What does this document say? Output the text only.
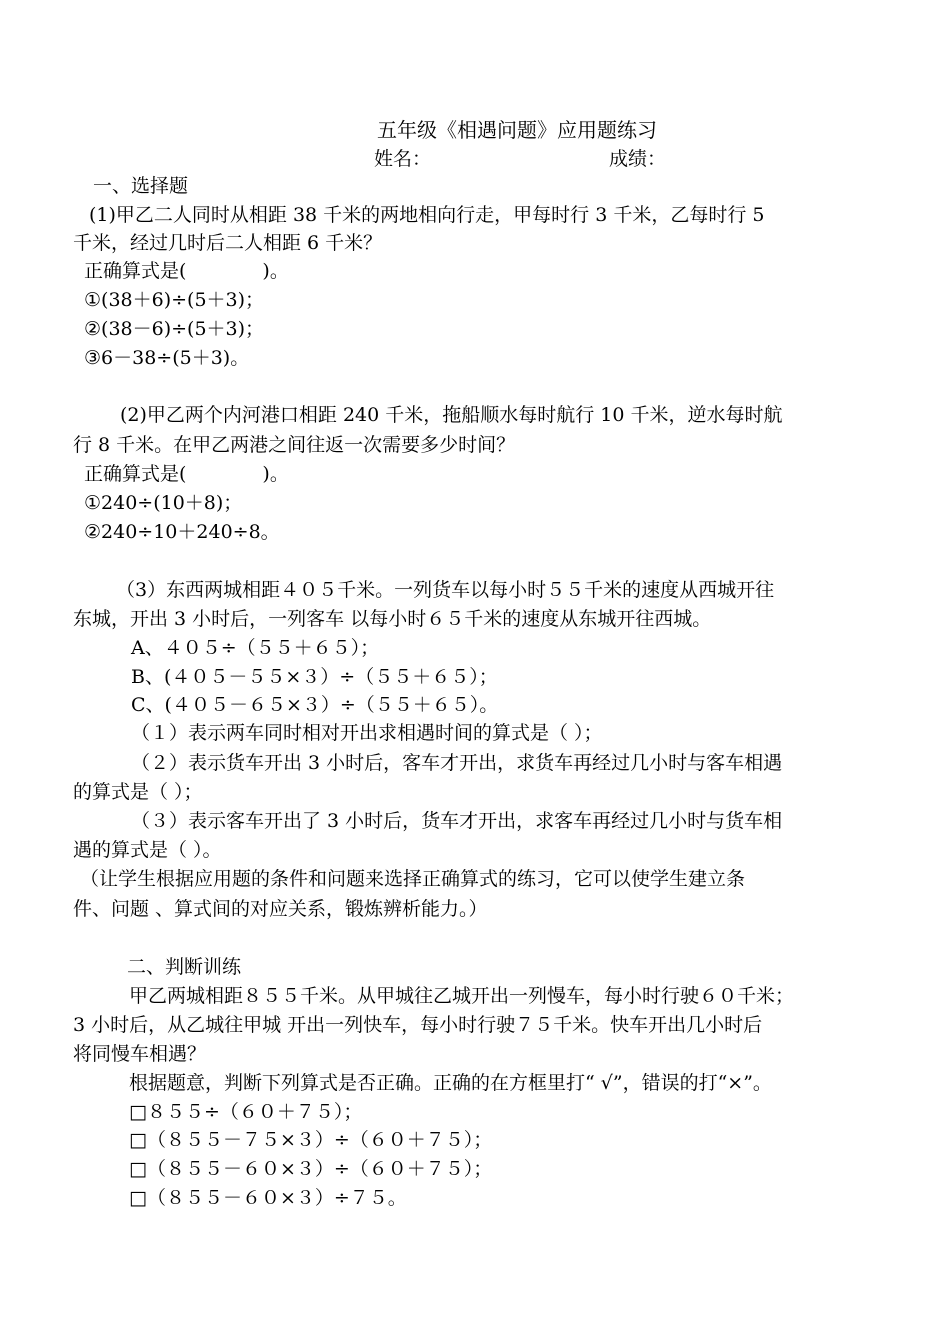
五年级《相遇问题》应用题练习
姓名：	成绩：
一、选择题
(1)甲乙二人同时从相距 38 千米的两地相向行走，甲每时行 3 千米，乙每时行 5
千米，经过几时后二人相距 6 千米？
正确算式是(　　　　)。
①(38＋6)÷(5＋3)；
②(38－6)÷(5＋3)；
③6－38÷(5＋3)。
(2)甲乙两个内河港口相距 240 千米，拖船顺水每时航行 10 千米，逆水每时航
行 8 千米。在甲乙两港之间往返一次需要多少时间？
正确算式是(　　　　)。
①240÷(10＋8)；
②240÷10＋240÷8。
（3）东西两城相距４０５千米。一列货车以每小时５５千米的速度从西城开往
东城，开出 3 小时后，一列客车 以每小时６５千米的速度从东城开往西城。
A、４０５÷（５５＋６５）；
B、(４０５－５５×３）÷（５５＋６５）；
C、(４０５－６５×３）÷（５５＋６５）。
（１）表示两车同时相对开出求相遇时间的算式是（ ）；
（２）表示货车开出 3 小时后，客车才开出，求货车再经过几小时与客车相遇
的算式是（ ）；
（３）表示客车开出了 3 小时后，货车才开出，求客车再经过几小时与货车相
遇的算式是（ ）。
（让学生根据应用题的条件和问题来选择正确算式的练习，它可以使学生建立条
件、问题 、算式间的对应关系，锻炼辨析能力。）
二、判断训练
甲乙两城相距８５５千米。从甲城往乙城开出一列慢车，每小时行驶６０千米；
3 小时后，从乙城往甲城 开出一列快车，每小时行驶７５千米。快车开出几小时后
将同慢车相遇？
根据题意，判断下列算式是否正确。正确的在方框里打“ √”，错误的打“×”。
□８５５÷（６０＋７５）；
□（８５５－７５×３）÷（６０＋７５）；
□（８５５－６０×３）÷（６０＋７５）；
□（８５５－６０×３）÷７５。
